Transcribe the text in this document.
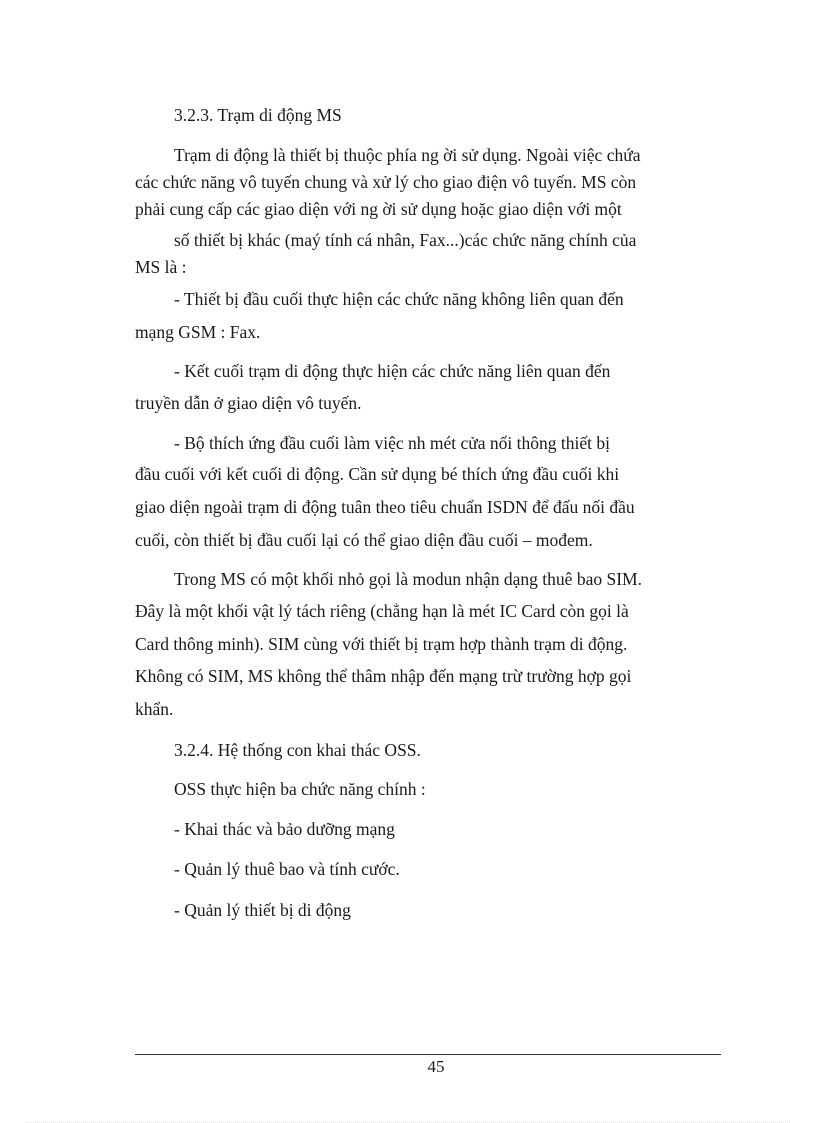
3.2.3. Trạm di động MS
Trạm di động là thiết bị thuộc phía ng ời sử dụng. Ngoài việc chứa
các chức năng vô tuyến chung và xử lý cho giao điện vô tuyến. MS còn
phải cung cấp các giao diện với ng ời sử dụng hoặc giao diện với một
số thiết bị khác (maý tính cá nhân, Fax...)các chức năng chính của
MS là :
- Thiết bị đầu cuối thực hiện các chức năng không liên quan đến
mạng GSM : Fax.
- Kết cuối trạm di động thực hiện các chức năng liên quan đến
truyền dẫn ở giao diện vô tuyến.
- Bộ thích ứng đầu cuối làm việc nh mét cửa nối thông thiết bị
đầu cuối với kết cuối di động. Cần sử dụng bé thích ứng đầu cuối khi
giao diện ngoài trạm di động tuân theo tiêu chuẩn ISDN để đấu nối đầu
cuối, còn thiết bị đầu cuối lại có thể giao diện đầu cuối – mođem.
Trong MS có một khối nhỏ gọi là modun nhận dạng thuê bao SIM.
Đây là một khối vật lý tách riêng (chẳng hạn là mét IC Card còn gọi là
Card thông minh). SIM cùng với thiết bị trạm hợp thành trạm di động.
Không có SIM, MS không thể thâm nhập đến mạng trừ trường hợp gọi
khẩn.
3.2.4. Hệ thống con khai thác OSS.
OSS thực hiện ba chức năng chính :
- Khai thác và bảo dưỡng mạng
- Quản lý thuê bao và tính cước.
- Quản lý thiết bị di động
45
